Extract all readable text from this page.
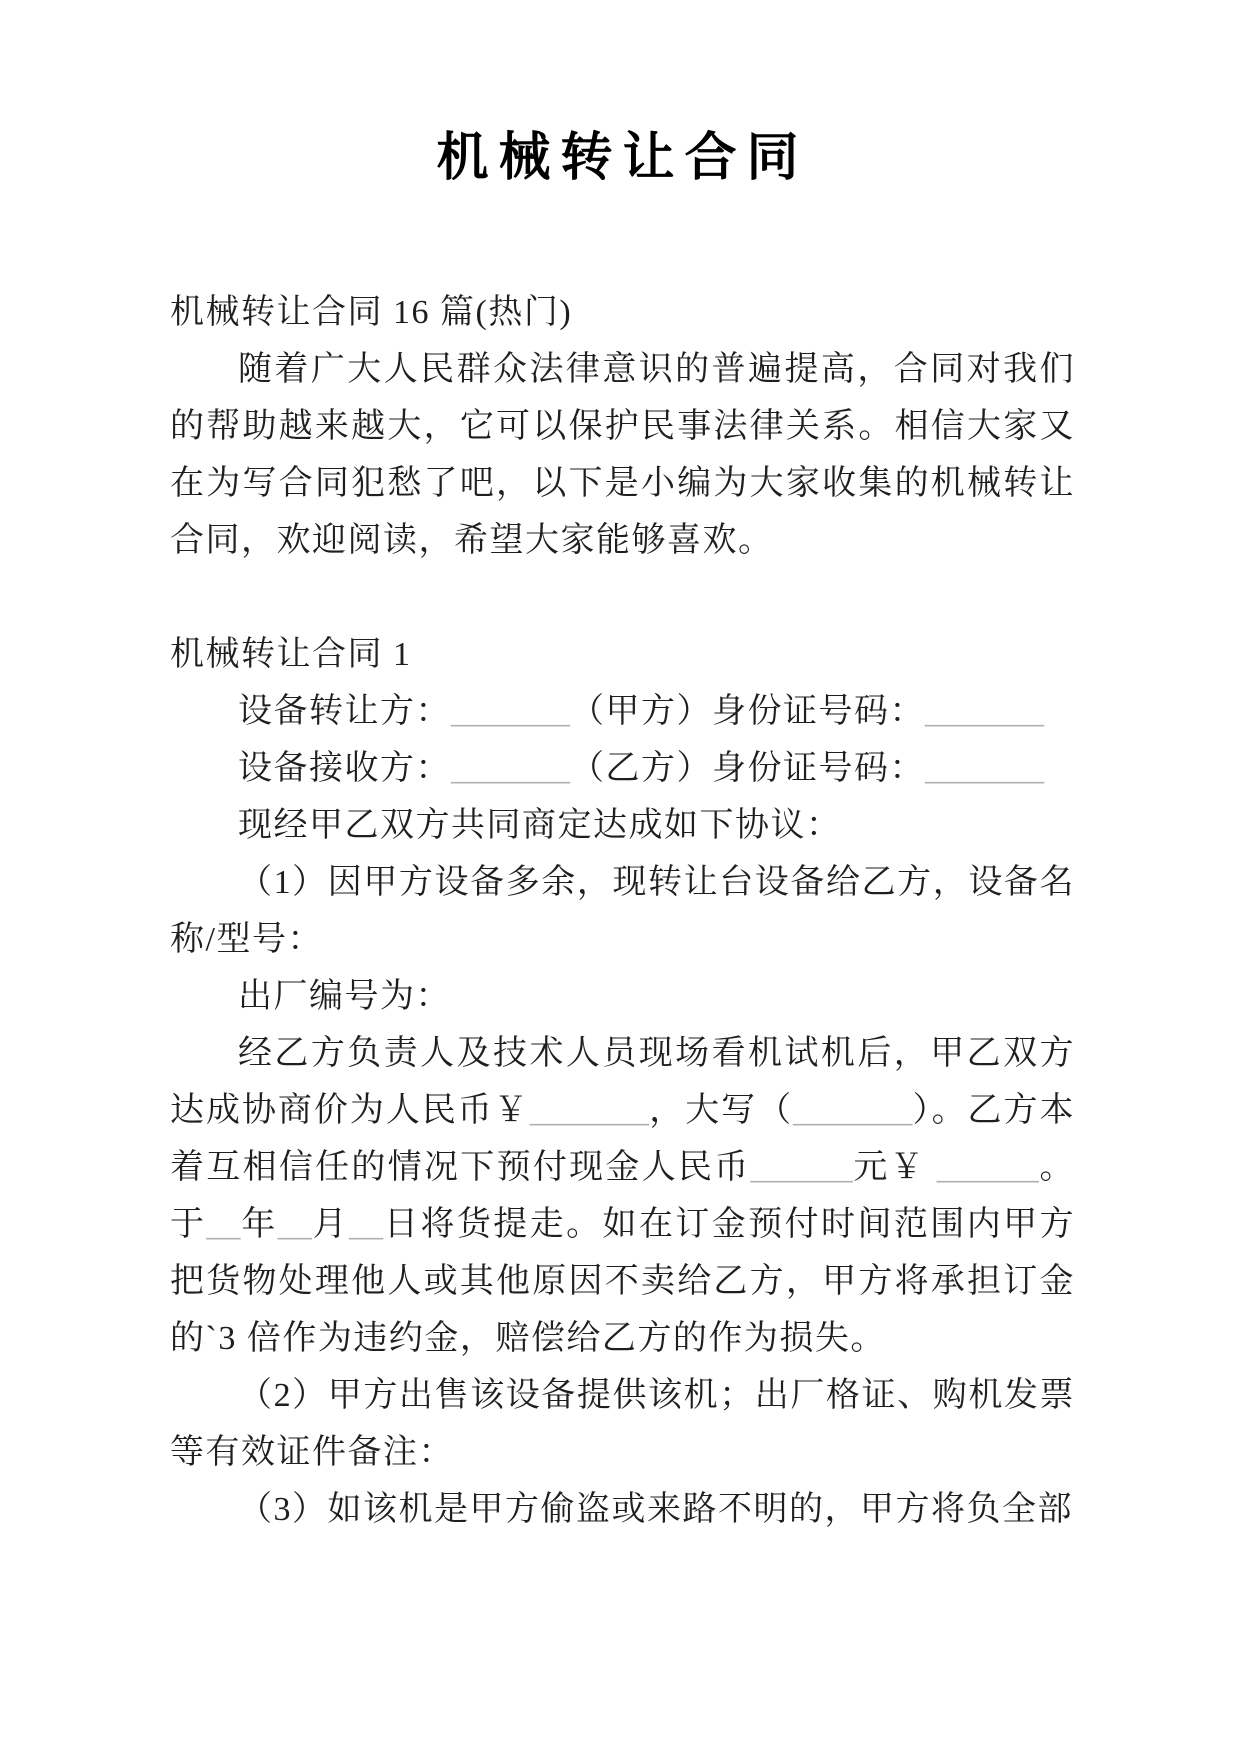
机械转让合同

机械转让合同 16 篇(热门)

随着广大人民群众法律意识的普遍提高，合同对我们的帮助越来越大，它可以保护民事法律关系。相信大家又在为写合同犯愁了吧，以下是小编为大家收集的机械转让合同，欢迎阅读，希望大家能够喜欢。

机械转让合同 1

设备转让方：_______（甲方）身份证号码：_______

设备接收方：_______（乙方）身份证号码：_______

现经甲乙双方共同商定达成如下协议：

（1）因甲方设备多余，现转让台设备给乙方，设备名称/型号：

出厂编号为：

经乙方负责人及技术人员现场看机试机后，甲乙双方达成协商价为人民币￥_______，大写（_______）。乙方本着互相信任的情况下预付现金人民币______元￥ ______。于__年__月__日将货提走。如在订金预付时间范围内甲方把货物处理他人或其他原因不卖给乙方，甲方将承担订金的`3 倍作为违约金，赔偿给乙方的作为损失。

（2）甲方出售该设备提供该机；出厂格证、购机发票等有效证件备注：

（3）如该机是甲方偷盗或来路不明的，甲方将负全部
